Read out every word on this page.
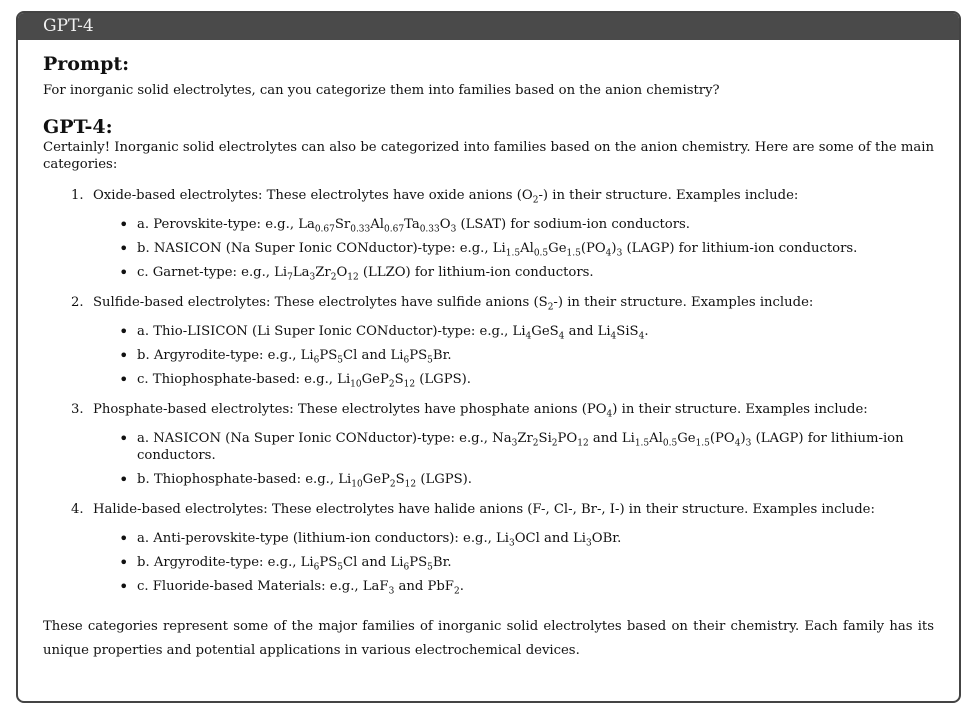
GPT-4
Prompt:

For inorganic solid electrolytes, can you categorize them into families based on the anion chemistry?

GPT-4:

Certainly! Inorganic solid electrolytes can also be categorized into families based on the anion chemistry. Here are some of the main categories:

1. Oxide-based electrolytes: These electrolytes have oxide anions $(O_2-)$ in their structure. Examples include:
• a. Perovskite-type: e.g., $La_{0.67}Sr_{0.33}Al_{0.67}Ta_{0.33}O_3$ (LSAT) for sodium-ion conductors.
• b. NASICON (Na Super Ionic CONductor)-type: e.g., $Li_{1.5}Al_{0.5}Ge_{1.5}(PO_4)_3$ (LAGP) for lithium-ion conductors.
• c. Garnet-type: e.g., $Li_7La_3Zr_2O_{12}$ (LLZO) for lithium-ion conductors.
2. Sulfide-based electrolytes: These electrolytes have sulfide anions $(S_2-)$ in their structure. Examples include:
• a. Thio-LISICON (Li Super Ionic CONductor)-type: e.g., $Li_4GeS_4$ and $Li_4SiS_4$.
• b. Argyrodite-type: e.g., $Li_6PS_5Cl$ and $Li_6PS_5Br$.
• c. Thiophosphate-based: e.g., $Li_{10}GeP_2S_{12}$ (LGPS).
3. Phosphate-based electrolytes: These electrolytes have phosphate anions $(PO_4)$ in their structure. Examples include:
• a. NASICON (Na Super Ionic CONductor)-type: e.g., $Na_3Zr_2Si_2PO_{12}$ and $Li_{1.5}Al_{0.5}Ge_{1.5}(PO_4)_3$ (LAGP) for lithium-ion conductors.
• b. Thiophosphate-based: e.g., $Li_{10}GeP_2S_{12}$ (LGPS).
4. Halide-based electrolytes: These electrolytes have halide anions (F-, Cl-, Br-, I-) in their structure. Examples include:
• a. Anti-perovskite-type (lithium-ion conductors): e.g., $Li_3OCl$ and $Li_3OBr$.
• b. Argyrodite-type: e.g., $Li_6PS_5Cl$ and $Li_6PS_5Br$.
• c. Fluoride-based Materials: e.g., LaF$_3$ and PbF$_2$.

These categories represent some of the major families of inorganic solid electrolytes based on their chemistry. Each family has its unique properties and potential applications in various electrochemical devices.
